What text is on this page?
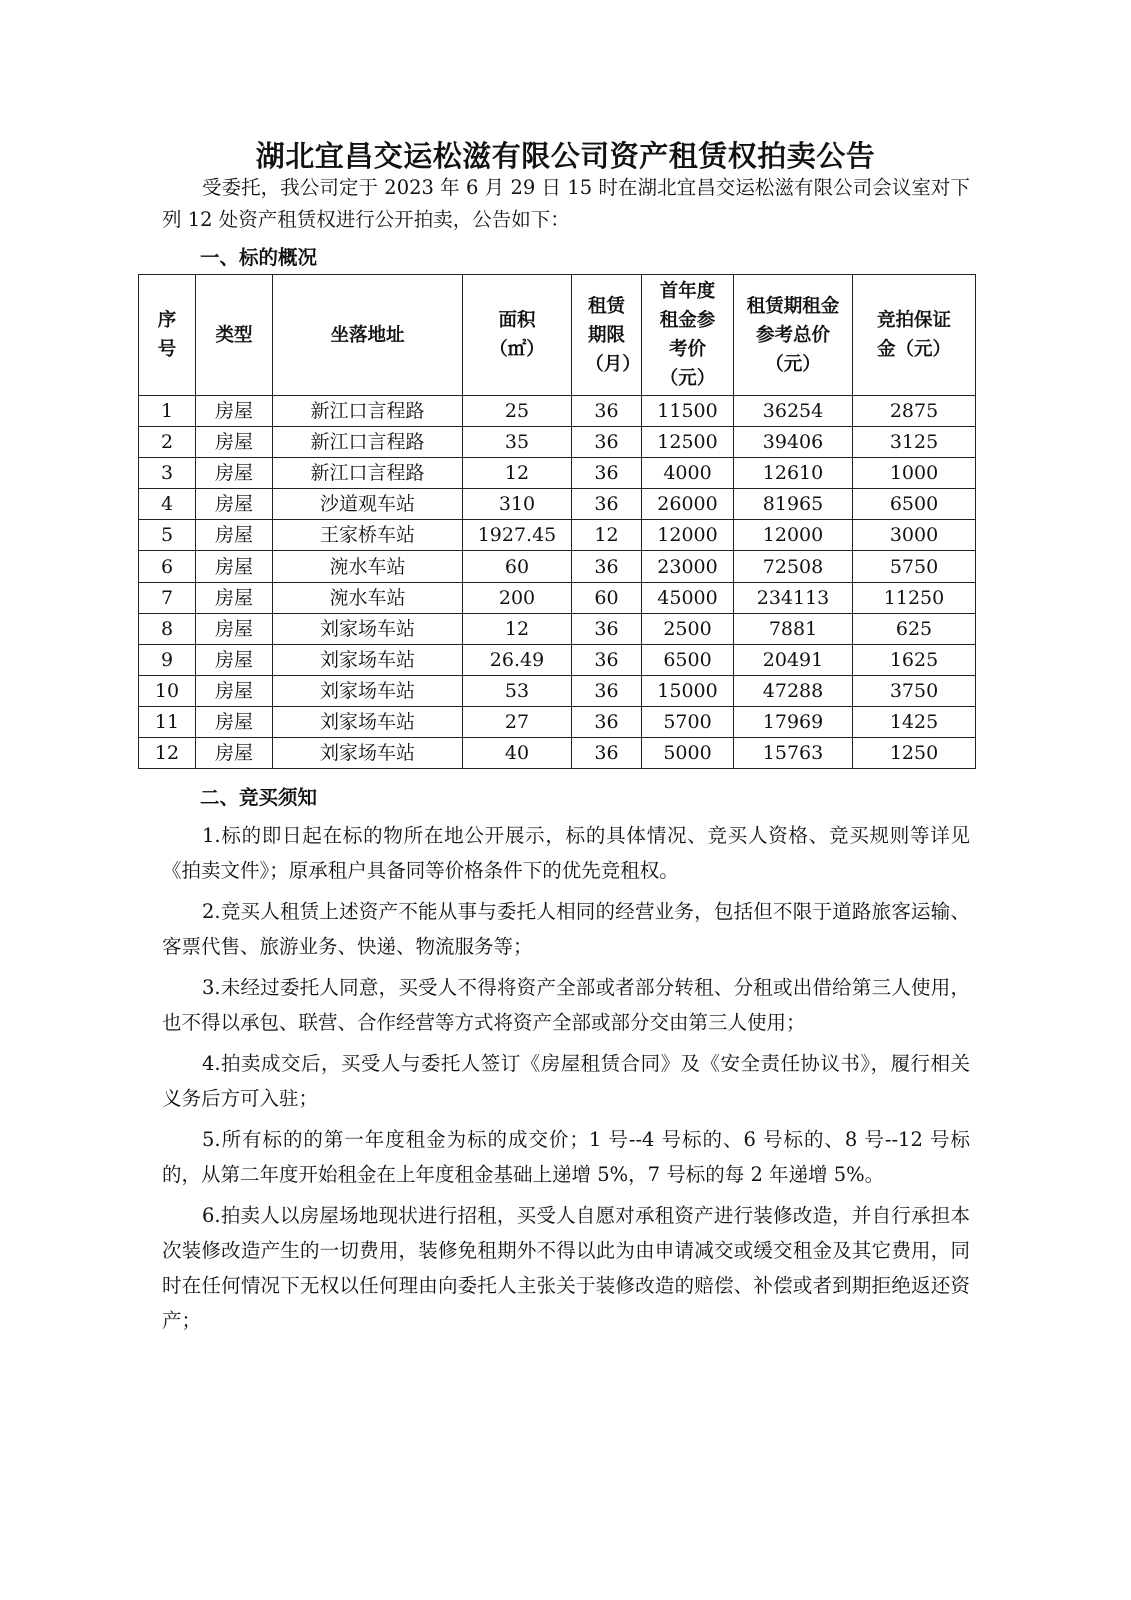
湖北宜昌交运松滋有限公司资产租赁权拍卖公告

受委托，我公司定于 2023 年 6 月 29 日 15 时在湖北宜昌交运松滋有限公司会议室对下列 12 处资产租赁权进行公开拍卖，公告如下：

一、标的概况
序号	类型	坐落地址	面积（㎡）	租赁期限（月）	首年度租金参考价（元）	租赁期租金参考总价（元）	竞拍保证金（元）

1	房屋	新江口言程路	25	36	11500	36254	2875
2	房屋	新江口言程路	35	36	12500	39406	3125
3	房屋	新江口言程路	12	36	4000	12610	1000
4	房屋	沙道观车站	310	36	26000	81965	6500
5	房屋	王家桥车站	1927.45	12	12000	12000	3000
6	房屋	涴水车站	60	36	23000	72508	5750
7	房屋	涴水车站	200	60	45000	234113	11250
8	房屋	刘家场车站	12	36	2500	7881	625
9	房屋	刘家场车站	26.49	36	6500	20491	1625
10	房屋	刘家场车站	53	36	15000	47288	3750
11	房屋	刘家场车站	27	36	5700	17969	1425
12	房屋	刘家场车站	40	36	5000	15763	1250
二、竞买须知

1.标的即日起在标的物所在地公开展示，标的具体情况、竞买人资格、竞买规则等详见《拍卖文件》；原承租户具备同等价格条件下的优先竞租权。

2.竞买人租赁上述资产不能从事与委托人相同的经营业务，包括但不限于道路旅客运输、客票代售、旅游业务、快递、物流服务等；

3.未经过委托人同意，买受人不得将资产全部或者部分转租、分租或出借给第三人使用，也不得以承包、联营、合作经营等方式将资产全部或部分交由第三人使用；

4.拍卖成交后，买受人与委托人签订《房屋租赁合同》及《安全责任协议书》，履行相关义务后方可入驻；

5.所有标的的第一年度租金为标的成交价；1 号--4 号标的、6 号标的、8 号--12 号标的，从第二年度开始租金在上年度租金基础上递增 5%，7 号标的每 2 年递增 5%。

6.拍卖人以房屋场地现状进行招租，买受人自愿对承租资产进行装修改造，并自行承担本次装修改造产生的一切费用，装修免租期外不得以此为由申请减交或缓交租金及其它费用，同时在任何情况下无权以任何理由向委托人主张关于装修改造的赔偿、补偿或者到期拒绝返还资产；
